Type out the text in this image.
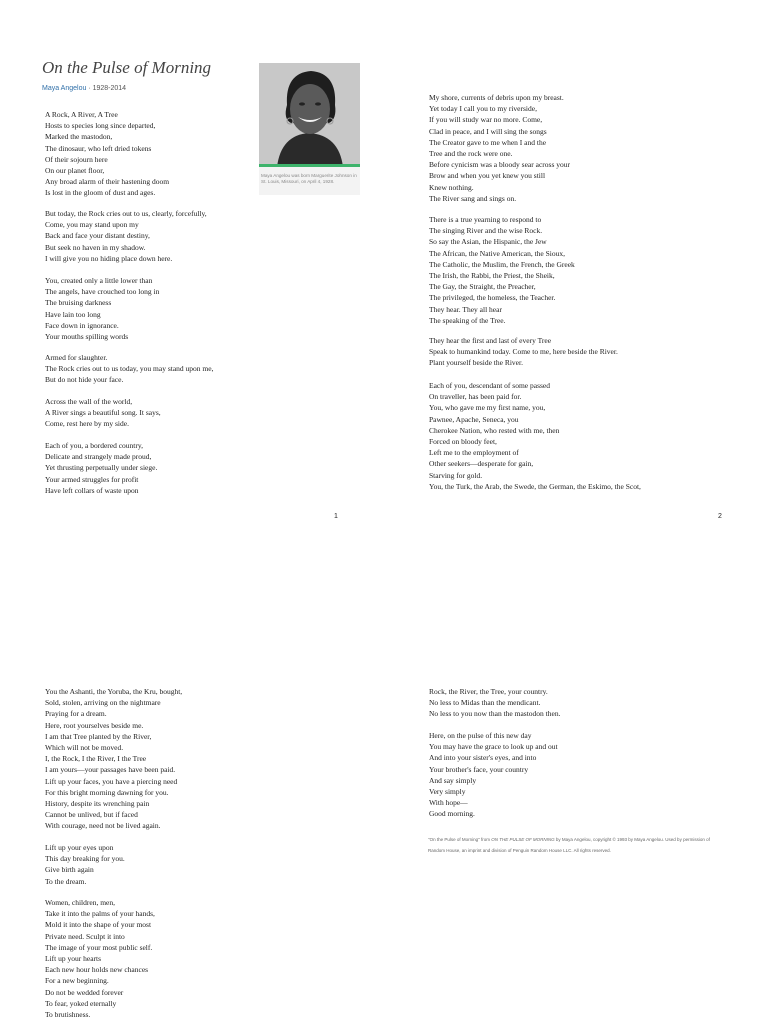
On the Pulse of Morning
Maya Angelou · 1928-2014
Maya Angelou was born Marguerite Johnson in St. Louis, Missouri, on April 4, 1928.
A Rock, A River, A Tree
Hosts to species long since departed,
Marked the mastodon,
The dinosaur, who left dried tokens
Of their sojourn here
On our planet floor,
Any broad alarm of their hastening doom
Is lost in the gloom of dust and ages.
But today, the Rock cries out to us, clearly, forcefully,
Come, you may stand upon my
Back and face your distant destiny,
But seek no haven in my shadow.
I will give you no hiding place down here.
You, created only a little lower than
The angels, have crouched too long in
The bruising darkness
Have lain too long
Face down in ignorance.
Your mouths spilling words
Armed for slaughter.
The Rock cries out to us today, you may stand upon me,
But do not hide your face.
Across the wall of the world,
A River sings a beautiful song. It says,
Come, rest here by my side.
Each of you, a bordered country,
Delicate and strangely made proud,
Yet thrusting perpetually under siege.
Your armed struggles for profit
Have left collars of waste upon
1
My shore, currents of debris upon my breast.
Yet today I call you to my riverside,
If you will study war no more. Come,
Clad in peace, and I will sing the songs
The Creator gave to me when I and the
Tree and the rock were one.
Before cynicism was a bloody sear across your
Brow and when you yet knew you still
Knew nothing.
The River sang and sings on.
There is a true yearning to respond to
The singing River and the wise Rock.
So say the Asian, the Hispanic, the Jew
The African, the Native American, the Sioux,
The Catholic, the Muslim, the French, the Greek
The Irish, the Rabbi, the Priest, the Sheik,
The Gay, the Straight, the Preacher,
The privileged, the homeless, the Teacher.
They hear. They all hear
The speaking of the Tree.
They hear the first and last of every Tree
Speak to humankind today. Come to me, here beside the River.
Plant yourself beside the River.
Each of you, descendant of some passed
On traveller, has been paid for.
You, who gave me my first name, you,
Pawnee, Apache, Seneca, you
Cherokee Nation, who rested with me, then
Forced on bloody feet,
Left me to the employment of
Other seekers—desperate for gain,
Starving for gold.
You, the Turk, the Arab, the Swede, the German, the Eskimo, the Scot,
2
You the Ashanti, the Yoruba, the Kru, bought,
Sold, stolen, arriving on the nightmare
Praying for a dream.
Here, root yourselves beside me.
I am that Tree planted by the River,
Which will not be moved.
I, the Rock, I the River, I the Tree
I am yours—your passages have been paid.
Lift up your faces, you have a piercing need
For this bright morning dawning for you.
History, despite its wrenching pain
Cannot be unlived, but if faced
With courage, need not be lived again.
Lift up your eyes upon
This day breaking for you.
Give birth again
To the dream.
Women, children, men,
Take it into the palms of your hands,
Mold it into the shape of your most
Private need. Sculpt it into
The image of your most public self.
Lift up your hearts
Each new hour holds new chances
For a new beginning.
Do not be wedded forever
To fear, yoked eternally
To brutishness.
Rock, the River, the Tree, your country.
No less to Midas than the mendicant.
No less to you now than the mastodon then.
Here, on the pulse of this new day
You may have the grace to look up and out
And into your sister's eyes, and into
Your brother's face, your country
And say simply
Very simply
With hope—
Good morning.

"On the Pulse of Morning" from ON THE PULSE OF MORNING by Maya Angelou, copyright © 1993 by Maya Angelou. Used by permission of Random House, an imprint and division of Penguin Random House LLC. All rights reserved.
